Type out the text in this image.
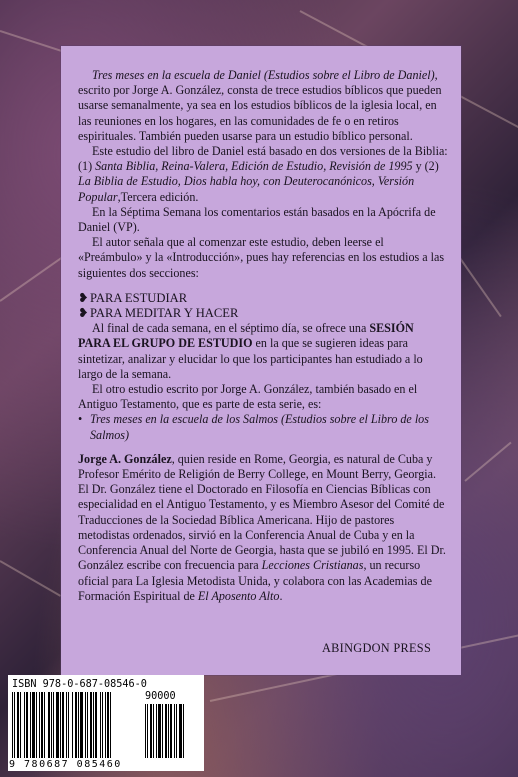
Tres meses en la escuela de Daniel (Estudios sobre el Libro de Daniel), escrito por Jorge A. González, consta de trece estudios bíblicos que pueden usarse semanalmente, ya sea en los estudios bíblicos de la iglesia local, en las reuniones en los hogares, en las comunidades de fe o en retiros espirituales. También pueden usarse para un estudio bíblico personal.

Este estudio del libro de Daniel está basado en dos versiones de la Biblia: (1) Santa Biblia, Reina-Valera, Edición de Estudio, Revisión de 1995 y (2) La Biblia de Estudio, Dios habla hoy, con Deuterocanónicos, Versión Popular,Tercera edición.

En la Séptima Semana los comentarios están basados en la Apócrifa de Daniel (VP).

El autor señala que al comenzar este estudio, deben leerse el «Preámbulo» y la «Introducción», pues hay referencias en los estudios a las siguientes dos secciones:

❥PARA ESTUDIAR

❥PARA MEDITAR Y HACER

Al final de cada semana, en el séptimo día, se ofrece una SESIÓN PARA EL GRUPO DE ESTUDIO en la que se sugieren ideas para sintetizar, analizar y elucidar lo que los participantes han estudiado a lo largo de la semana.

El otro estudio escrito por Jorge A. González, también basado en el Antiguo Testamento, que es parte de esta serie, es:

• Tres meses en la escuela de los Salmos (Estudios sobre el Libro de los Salmos)

Jorge A. González, quien reside en Rome, Georgia, es natural de Cuba y Profesor Emérito de Religión de Berry College, en Mount Berry, Georgia. El Dr. González tiene el Doctorado en Filosofía en Ciencias Bíblicas con especialidad en el Antiguo Testamento, y es Miembro Asesor del Comité de Traducciones de la Sociedad Bíblica Americana. Hijo de pastores metodistas ordenados, sirvió en la Conferencia Anual de Cuba y en la Conferencia Anual del Norte de Georgia, hasta que se jubiló en 1995. El Dr. González escribe con frecuencia para Lecciones Cristianas, un recurso oficial para La Iglesia Metodista Unida, y colabora con las Academias de Formación Espiritual de El Aposento Alto.

ABINGDON PRESS
ISBN 978-0-687-08546-0
90000
9 780687 085460
